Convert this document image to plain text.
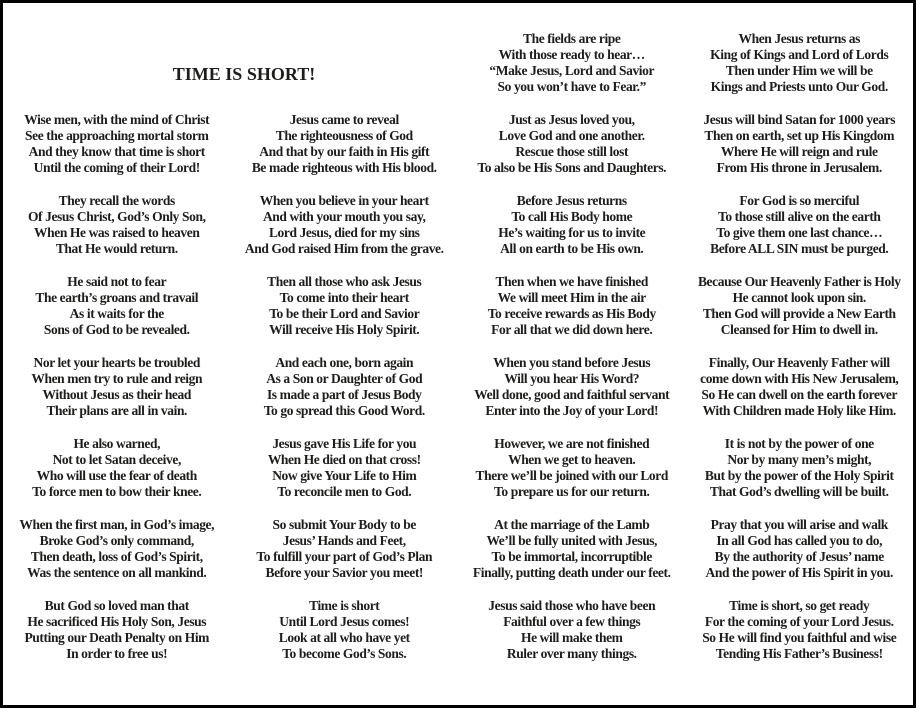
TIME IS SHORT!
Wise men, with the mind of Christ
See the approaching mortal storm
And they know that time is short
Until the coming of their Lord!
They recall the words
Of Jesus Christ, God’s Only Son,
When He was raised to heaven
That He would return.
He said not to fear
The earth’s groans and travail
As it waits for the
Sons of God to be revealed.
Nor let your hearts be troubled
When men try to rule and reign
Without Jesus as their head
Their plans are all in vain.
He also warned,
Not to let Satan deceive,
Who will use the fear of death
To force men to bow their knee.
When the first man, in God’s image,
Broke God’s only command,
Then death, loss of God’s Spirit,
Was the sentence on all mankind.
But God so loved man that
He sacrificed His Holy Son, Jesus
Putting our Death Penalty on Him
In order to free us!
Jesus came to reveal
The righteousness of God
And that by our faith in His gift
Be made righteous with His blood.
When you believe in your heart
And with your mouth you say,
Lord Jesus, died for my sins
And God raised Him from the grave.
Then all those who ask Jesus
To come into their heart
To be their Lord and Savior
Will receive His Holy Spirit.
And each one, born again
As a Son or Daughter of God
Is made a part of Jesus Body
To go spread this Good Word.
Jesus gave His Life for you
When He died on that cross!
Now give Your Life to Him
To reconcile men to God.
So submit Your Body to be
Jesus’ Hands and Feet,
To fulfill your part of God’s Plan
Before your Savior you meet!
Time is short
Until Lord Jesus comes!
Look at all who have yet
To become God’s Sons.
The fields are ripe
With those ready to hear…
“Make Jesus, Lord and Savior
So you won’t have to Fear.”
Just as Jesus loved you,
Love God and one another.
Rescue those still lost
To also be His Sons and Daughters.
Before Jesus returns
To call His Body home
He’s waiting for us to invite
All on earth to be His own.
Then when we have finished
We will meet Him in the air
To receive rewards as His Body
For all that we did down here.
When you stand before Jesus
Will you hear His Word?
Well done, good and faithful servant
Enter into the Joy of your Lord!
However, we are not finished
When we get to heaven.
There we’ll be joined with our Lord
To prepare us for our return.
At the marriage of the Lamb
We’ll be fully united with Jesus,
To be immortal, incorruptible
Finally, putting death under our feet.
Jesus said those who have been
Faithful over a few things
He will make them
Ruler over many things.
When Jesus returns as
King of Kings and Lord of Lords
Then under Him we will be
Kings and Priests unto Our God.
Jesus will bind Satan for 1000 years
Then on earth, set up His Kingdom
Where He will reign and rule
From His throne in Jerusalem.
For God is so merciful
To those still alive on the earth
To give them one last chance…
Before ALL SIN must be purged.
Because Our Heavenly Father is Holy
He cannot look upon sin.
Then God will provide a New Earth
Cleansed for Him to dwell in.
Finally, Our Heavenly Father will
come down with His New Jerusalem,
So He can dwell on the earth forever
With Children made Holy like Him.
It is not by the power of one
Nor by many men’s might,
But by the power of the Holy Spirit
That God’s dwelling will be built.
Pray that you will arise and walk
In all God has called you to do,
By the authority of Jesus’ name
And the power of His Spirit in you.
Time is short, so get ready
For the coming of your Lord Jesus.
So He will find you faithful and wise
Tending His Father’s Business!
